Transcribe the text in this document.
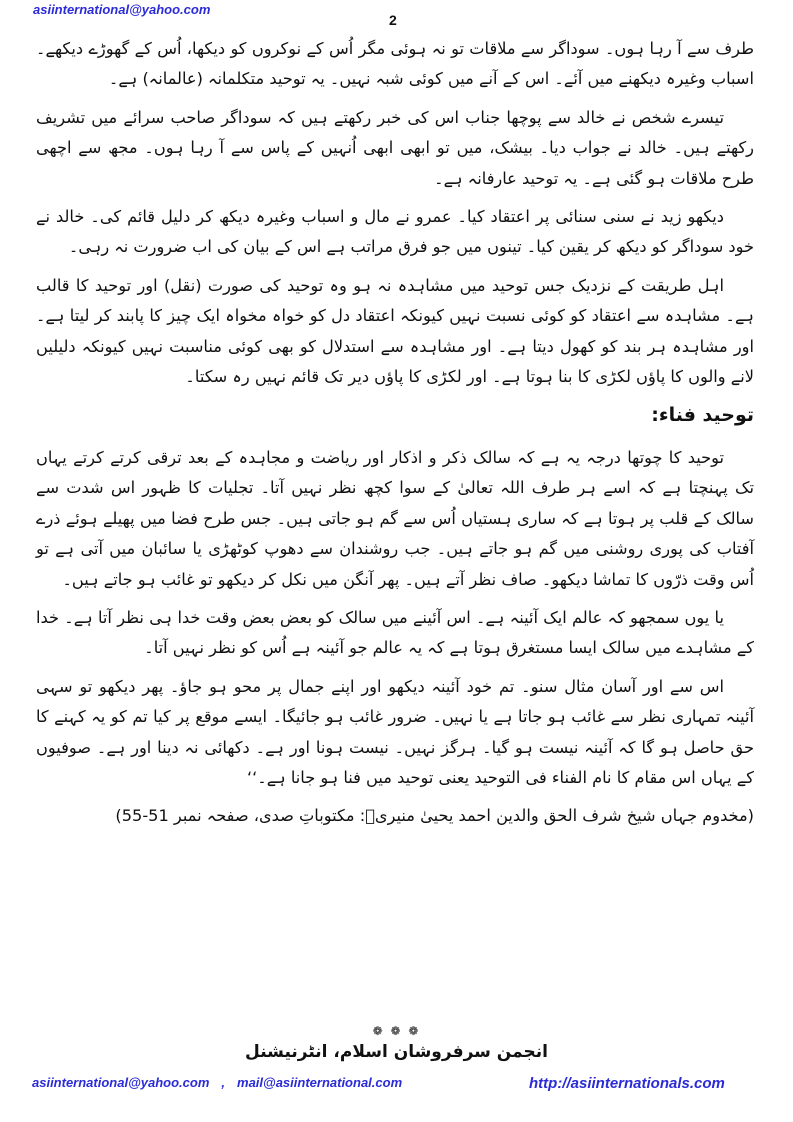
asiinternational@yahoo.com
2

طرف سے آ رہا ہوں۔ سوداگر سے ملاقات تو نہ ہوئی مگر اُس کے نوکروں کو دیکھا، اُس کے گھوڑے دیکھے۔ اسباب وغیرہ دیکھنے میں آئے۔ اس کے آنے میں کوئی شبہ نہیں۔ یہ توحید متکلمانہ (عالمانہ) ہے۔

تیسرے شخص نے خالد سے پوچھا جناب اس کی خبر رکھتے ہیں کہ سوداگر صاحب سرائے میں تشریف رکھتے ہیں۔ خالد نے جواب دیا۔ بیشک، میں تو ابھی ابھی اُنہیں کے پاس سے آ رہا ہوں۔ مجھ سے اچھی طرح ملاقات ہو گئی ہے۔ یہ توحید عارفانہ ہے۔

دیکھو زید نے سنی سنائی پر اعتقاد کیا۔ عمرو نے مال و اسباب وغیرہ دیکھ کر دلیل قائم کی۔ خالد نے خود سوداگر کو دیکھ کر یقین کیا۔ تینوں میں جو فرق مراتب ہے اس کے بیان کی اب ضرورت نہ رہی۔

اہل طریقت کے نزدیک جس توحید میں مشاہدہ نہ ہو وہ توحید کی صورت (نقل) اور توحید کا قالب ہے۔ مشاہدہ سے اعتقاد کو کوئی نسبت نہیں کیونکہ اعتقاد دل کو خواہ مخواہ ایک چیز کا پابند کر لیتا ہے۔ اور مشاہدہ ہر بند کو کھول دیتا ہے۔ اور مشاہدہ سے استدلال کو بھی کوئی مناسبت نہیں کیونکہ دلیلیں لانے والوں کا پاؤں لکڑی کا بنا ہوتا ہے۔ اور لکڑی کا پاؤں دیر تک قائم نہیں رہ سکتا۔

توحید فناء:

توحید کا چوتھا درجہ یہ ہے کہ سالک ذکر و اذکار اور ریاضت و مجاہدہ کے بعد ترقی کرتے کرتے یہاں تک پہنچتا ہے کہ اسے ہر طرف اللہ تعالیٰ کے سوا کچھ نظر نہیں آتا۔ تجلیات کا ظہور اس شدت سے سالک کے قلب پر ہوتا ہے کہ ساری ہستیاں اُس سے گم ہو جاتی ہیں۔ جس طرح فضا میں پھیلے ہوئے ذرے آفتاب کی پوری روشنی میں گم ہو جاتے ہیں۔ جب روشندان سے دھوپ کوٹھڑی یا سائبان میں آتی ہے تو اُس وقت ذرّوں کا تماشا دیکھو۔ صاف نظر آتے ہیں۔ پھر آنگن میں نکل کر دیکھو تو غائب ہو جاتے ہیں۔

یا یوں سمجھو کہ عالم ایک آئینہ ہے۔ اس آئینے میں سالک کو بعض بعض وقت خدا ہی نظر آتا ہے۔ خدا کے مشاہدے میں سالک ایسا مستغرق ہوتا ہے کہ یہ عالم جو آئینہ ہے اُس کو نظر نہیں آتا۔

اس سے اور آسان مثال سنو۔ تم خود آئینہ دیکھو اور اپنے جمال پر محو ہو جاؤ۔ پھر دیکھو تو سہی آئینہ تمہاری نظر سے غائب ہو جاتا ہے یا نہیں۔ ضرور غائب ہو جائیگا۔ ایسے موقع پر کیا تم کو یہ کہنے کا حق حاصل ہو گا کہ آئینہ نیست ہو گیا۔ ہرگز نہیں۔ نیست ہونا اور ہے۔ دکھائی نہ دینا اور ہے۔ صوفیوں کے یہاں اس مقام کا نام الفناء فی التوحید یعنی توحید میں فنا ہو جانا ہے۔‘‘

(مخدوم جہاں شیخ شرف الحق والدین احمد یحییٰ منیریؒ: مکتوباتِ صدی، صفحہ نمبر 51-55)

❁ ❁ ❁
انجمن سرفروشان اسلام، انٹرنیشنل
asiinternational@yahoo.com , mail@asiinternational.com	http://asiinternationals.com
